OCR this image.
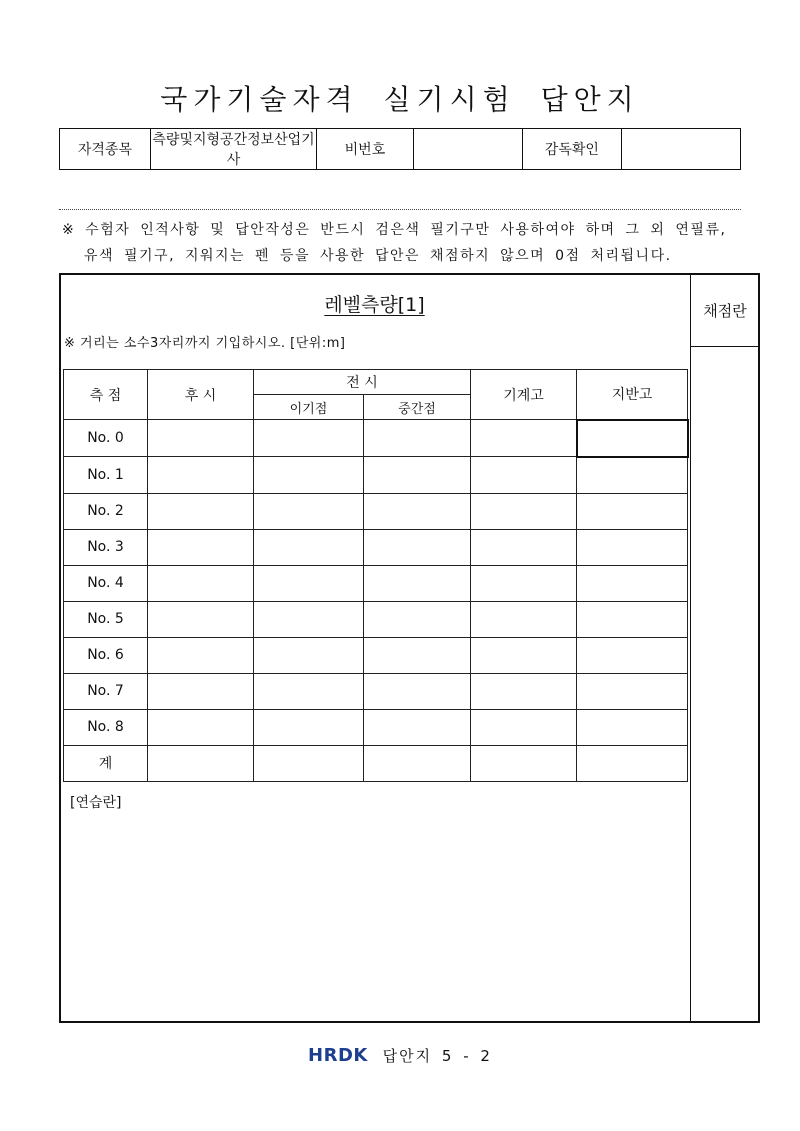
국가기술자격 실기시험 답안지
자격종목	측량및지형공간정보산업기사	비번호		감독확인	
※ 수험자 인적사항 및 답안작성은 반드시 검은색 필기구만 사용하여야 하며 그 외 연필류,
유색 필기구, 지워지는 펜 등을 사용한 답안은 채점하지 않으며 0점 처리됩니다.
채점란
레벨측량[1]
※ 거리는 소수3자리까지 기입하시오. [단위:m]
측 점	후 시	전 시		기계고	지반고
		이기점	중간점		
No. 0					
No. 1					
No. 2					
No. 3					
No. 4					
No. 5					
No. 6					
No. 7					
No. 8					
계					
[연습란]
HRDK 답안지 5 - 2
